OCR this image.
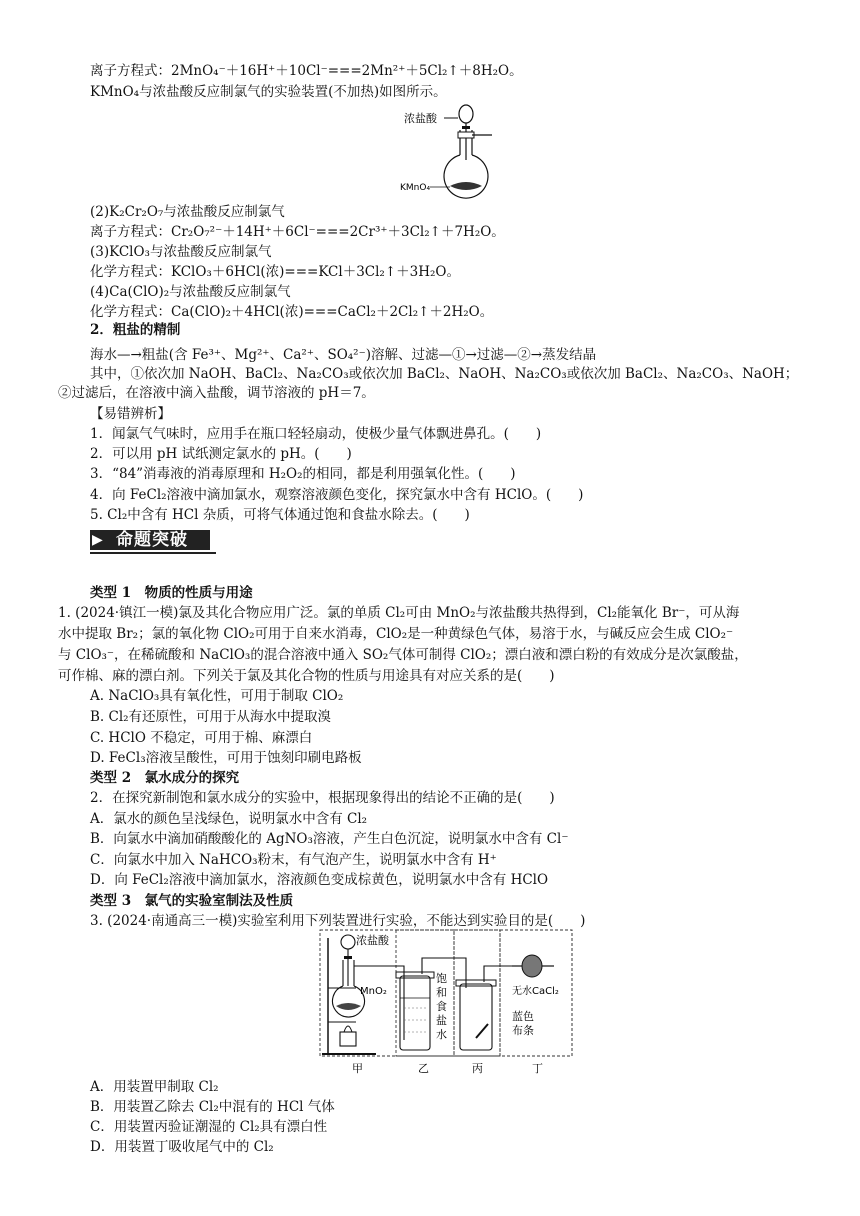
离子方程式：2MnO₄⁻＋16H⁺＋10Cl⁻===2Mn²⁺＋5Cl₂↑＋8H₂O。
KMnO₄与浓盐酸反应制氯气的实验装置(不加热)如图所示。
浓盐酸
KMnO₄
(2)K₂Cr₂O₇与浓盐酸反应制氯气
离子方程式：Cr₂O₇²⁻＋14H⁺＋6Cl⁻===2Cr³⁺＋3Cl₂↑＋7H₂O。
(3)KClO₃与浓盐酸反应制氯气
化学方程式：KClO₃＋6HCl(浓)===KCl＋3Cl₂↑＋3H₂O。
(4)Ca(ClO)₂与浓盐酸反应制氯气
化学方程式：Ca(ClO)₂＋4HCl(浓)===CaCl₂＋2Cl₂↑＋2H₂O。
2．粗盐的精制
海水—→粗盐(含 Fe³⁺、Mg²⁺、Ca²⁺、SO₄²⁻)溶解、过滤—①→过滤—②→蒸发结晶
其中，①依次加 NaOH、BaCl₂、Na₂CO₃或依次加 BaCl₂、NaOH、Na₂CO₃或依次加 BaCl₂、Na₂CO₃、NaOH；
②过滤后，在溶液中滴入盐酸，调节溶液的 pH＝7。
【易错辨析】
1．闻氯气气味时，应用手在瓶口轻轻扇动，使极少量气体飘进鼻孔。(　　)
2．可以用 pH 试纸测定氯水的 pH。(　　)
3．“84”消毒液的消毒原理和 H₂O₂的相同，都是利用强氧化性。(　　)
4．向 FeCl₂溶液中滴加氯水，观察溶液颜色变化，探究氯水中含有 HClO。(　　)
5. Cl₂中含有 HCl 杂质，可将气体通过饱和食盐水除去。(　　)
▶ 命题突破
类型 1　物质的性质与用途
1. (2024·镇江一模)氯及其化合物应用广泛。氯的单质 Cl₂可由 MnO₂与浓盐酸共热得到，Cl₂能氧化 Br⁻，可从海
水中提取 Br₂；氯的氧化物 ClO₂可用于自来水消毒，ClO₂是一种黄绿色气体，易溶于水，与碱反应会生成 ClO₂⁻
与 ClO₃⁻，在稀硫酸和 NaClO₃的混合溶液中通入 SO₂气体可制得 ClO₂；漂白液和漂白粉的有效成分是次氯酸盐，
可作棉、麻的漂白剂。下列关于氯及其化合物的性质与用途具有对应关系的是(　　)
A. NaClO₃具有氧化性，可用于制取 ClO₂
B. Cl₂有还原性，可用于从海水中提取溴
C. HClO 不稳定，可用于棉、麻漂白
D. FeCl₃溶液呈酸性，可用于蚀刻印刷电路板
类型 2　氯水成分的探究
2．在探究新制饱和氯水成分的实验中，根据现象得出的结论不正确的是(　　)
A．氯水的颜色呈浅绿色，说明氯水中含有 Cl₂
B．向氯水中滴加硝酸酸化的 AgNO₃溶液，产生白色沉淀，说明氯水中含有 Cl⁻
C．向氯水中加入 NaHCO₃粉末，有气泡产生，说明氯水中含有 H⁺
D．向 FeCl₂溶液中滴加氯水，溶液颜色变成棕黄色，说明氯水中含有 HClO
类型 3　氯气的实验室制法及性质
3. (2024·南通高三一模)实验室利用下列装置进行实验，不能达到实验目的是(　　)
浓盐酸
MnO₂
饱
和
食
盐
水
无水CaCl₂
蓝色
布条
甲	乙	丙	丁
A．用装置甲制取 Cl₂
B．用装置乙除去 Cl₂中混有的 HCl 气体
C．用装置丙验证潮湿的 Cl₂具有漂白性
D．用装置丁吸收尾气中的 Cl₂
